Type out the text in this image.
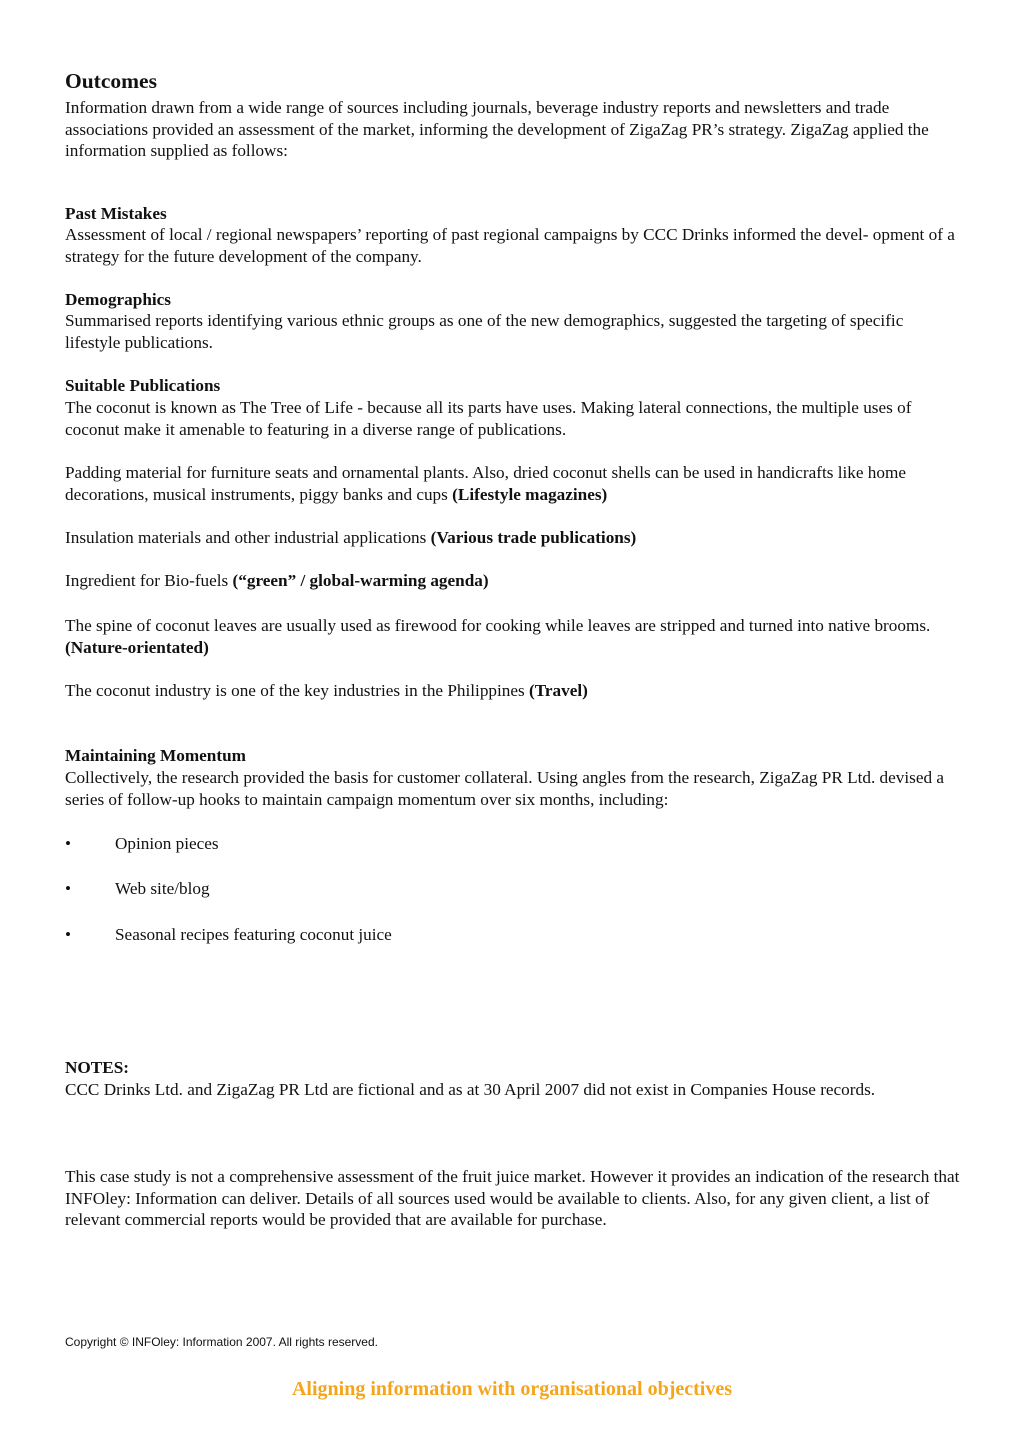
Outcomes
Information drawn from a wide range of sources including journals, beverage industry reports and newsletters and trade associations provided an assessment of the market, informing the development of ZigaZag PR’s strategy. ZigaZag applied the information supplied as follows:
Past Mistakes
Assessment of local / regional newspapers’ reporting of past regional campaigns by CCC Drinks informed the devel- opment of a strategy for the future development of the company.
Demographics
Summarised reports identifying various ethnic groups as one of the new demographics, suggested the targeting of specific lifestyle publications.
Suitable Publications
The coconut is known as The Tree of Life - because all its parts have uses. Making lateral connections, the multiple uses of coconut make it amenable to featuring in a diverse range of publications.
Padding material for furniture seats and ornamental plants. Also, dried coconut shells can be used in handicrafts like home decorations, musical instruments, piggy banks and cups (Lifestyle magazines)
Insulation materials and other industrial applications (Various trade publications)
Ingredient for Bio-fuels (“green” / global-warming agenda)
The spine of coconut leaves are usually used as firewood for cooking while leaves are stripped and turned into native brooms. (Nature-orientated)
The coconut industry is one of the key industries in the Philippines (Travel)
Maintaining Momentum
Collectively, the research provided the basis for customer collateral. Using angles from the research, ZigaZag PR Ltd. devised a series of follow-up hooks to maintain campaign momentum over six months, including:
•	Opinion pieces
•	Web site/blog
•	Seasonal recipes featuring coconut juice
NOTES:
CCC Drinks Ltd. and ZigaZag PR Ltd are fictional and as at 30 April 2007 did not exist in Companies House records.
This case study is not a comprehensive assessment of the fruit juice market. However it provides an indication of the research that INFOley: Information can deliver. Details of all sources used would be available to clients. Also, for any given client, a list of relevant commercial reports would be provided that are available for purchase.
Copyright © INFOley: Information 2007. All rights reserved.
Aligning information with organisational objectives
